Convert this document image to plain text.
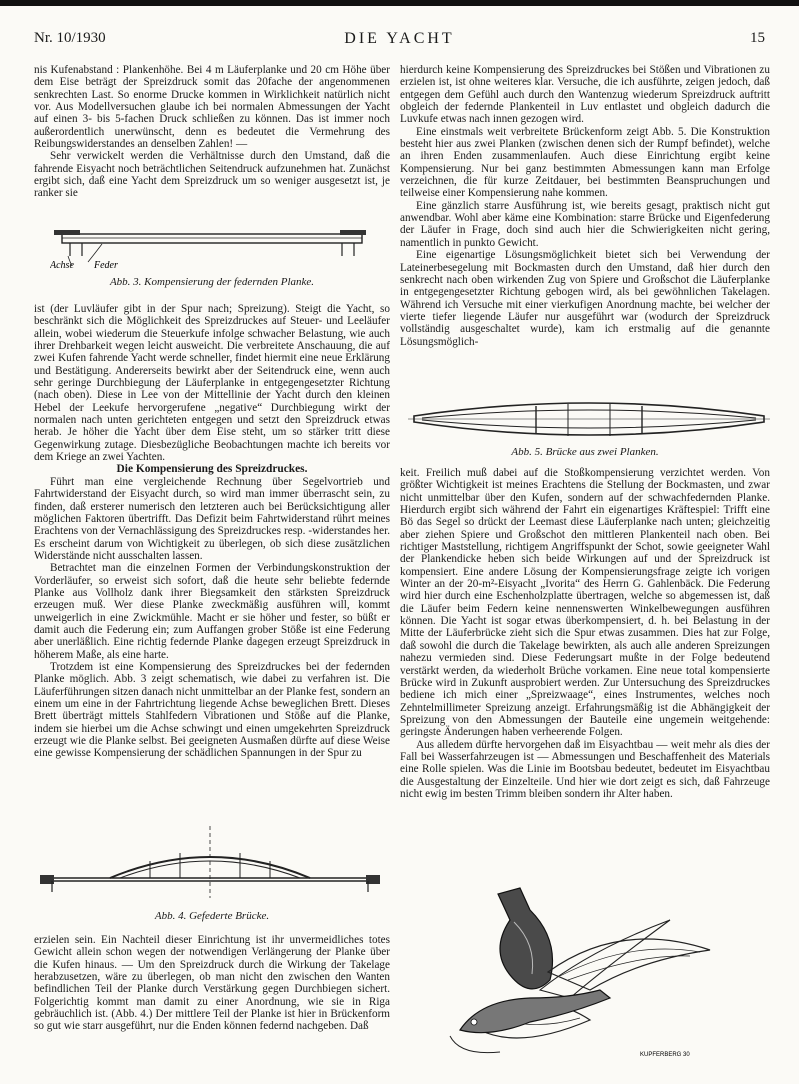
Nr. 10/1930	DIE YACHT	15

nis Kufenabstand : Plankenhöhe. Bei 4 m Läuferplanke und 20 cm Höhe über dem Eise beträgt der Spreizdruck somit das 20fache der angenommenen senkrechten Last. So enorme Drucke kommen in Wirklichkeit natürlich nicht vor. Aus Modellversuchen glaube ich bei normalen Abmessungen der Yacht auf einen 3- bis 5-fachen Druck schließen zu können. Das ist immer noch außerordentlich unerwünscht, denn es bedeutet die Vermehrung des Reibungswiderstandes an denselben Zahlen! —

Sehr verwickelt werden die Verhältnisse durch den Umstand, daß die fahrende Eisyacht noch beträchtlichen Seitendruck aufzunehmen hat. Zunächst ergibt sich, daß eine Yacht dem Spreizdruck um so weniger ausgesetzt ist, je ranker sie

Achse Feder
Abb. 3. Kompensierung der federnden Planke.

ist (der Luvläufer gibt in der Spur nach; Spreizung). Steigt die Yacht, so beschränkt sich die Möglichkeit des Spreizdruckes auf Steuer- und Leeläufer allein, wobei wiederum die Steuerkufe infolge schwacher Belastung, wie auch ihrer Drehbarkeit wegen leicht ausweicht. Die verbreitete Anschauung, die auf zwei Kufen fahrende Yacht werde schneller, findet hiermit eine neue Erklärung und Bestätigung. Andererseits bewirkt aber der Seitendruck eine, wenn auch sehr geringe Durchbiegung der Läuferplanke in entgegengesetzter Richtung (nach oben). Diese in Lee von der Mittellinie der Yacht durch den kleinen Hebel der Leekufe hervorgerufene „negative“ Durchbiegung wirkt der normalen nach unten gerichteten entgegen und setzt den Spreizdruck etwas herab. Je höher die Yacht über dem Eise steht, um so stärker tritt diese Gegenwirkung zutage. Diesbezügliche Beobachtungen machte ich bereits vor dem Kriege an zwei Yachten.

Die Kompensierung des Spreizdruckes.

Führt man eine vergleichende Rechnung über Segelvortrieb und Fahrtwiderstand der Eisyacht durch, so wird man immer überrascht sein, zu finden, daß ersterer numerisch den letzteren auch bei Berücksichtigung aller möglichen Faktoren übertrifft. Das Defizit beim Fahrtwiderstand rührt meines Erachtens von der Vernachlässigung des Spreizdruckes resp. -widerstandes her. Es erscheint darum von Wichtigkeit zu überlegen, ob sich diese zusätzlichen Widerstände nicht ausschalten lassen.

Betrachtet man die einzelnen Formen der Verbindungskonstruktion der Vorderläufer, so erweist sich sofort, daß die heute sehr beliebte federnde Planke aus Vollholz dank ihrer Biegsamkeit den stärksten Spreizdruck erzeugen muß. Wer diese Planke zweckmäßig ausführen will, kommt unweigerlich in eine Zwickmühle. Macht er sie höher und fester, so büßt er damit auch die Federung ein; zum Auffangen grober Stöße ist eine Federung aber unerläßlich. Eine richtig federnde Planke dagegen erzeugt Spreizdruck in höherem Maße, als eine harte.

Trotzdem ist eine Kompensierung des Spreizdruckes bei der federnden Planke möglich. Abb. 3 zeigt schematisch, wie dabei zu verfahren ist. Die Läuferführungen sitzen danach nicht unmittelbar an der Planke fest, sondern an einem um eine in der Fahrtrichtung liegende Achse beweglichen Brett. Dieses Brett überträgt mittels Stahlfedern Vibrationen und Stöße auf die Planke, indem sie hierbei um die Achse schwingt und einen umgekehrten Spreizdruck erzeugt wie die Planke selbst. Bei geeigneten Ausmaßen dürfte auf diese Weise eine gewisse Kompensierung der schädlichen Spannungen in der Spur zu

Abb. 4. Gefederte Brücke.

erzielen sein. Ein Nachteil dieser Einrichtung ist ihr unvermeidliches totes Gewicht allein schon wegen der notwendigen Verlängerung der Planke über die Kufen hinaus. — Um den Spreizdruck durch die Wirkung der Takelage herabzusetzen, wäre zu überlegen, ob man nicht den zwischen den Wanten befindlichen Teil der Planke durch Verstärkung gegen Durchbiegen sichert. Folgerichtig kommt man damit zu einer Anordnung, wie sie in Riga gebräuchlich ist. (Abb. 4.) Der mittlere Teil der Planke ist hier in Brückenform so gut wie starr ausgeführt, nur die Enden können federnd nachgeben. Daß

hierdurch keine Kompensierung des Spreizdruckes bei Stößen und Vibrationen zu erzielen ist, ist ohne weiteres klar. Versuche, die ich ausführte, zeigen jedoch, daß entgegen dem Gefühl auch durch den Wantenzug wiederum Spreizdruck auftritt obgleich der federnde Plankenteil in Luv entlastet und obgleich dadurch die Luvkufe etwas nach innen gezogen wird.

Eine einstmals weit verbreitete Brückenform zeigt Abb. 5. Die Konstruktion besteht hier aus zwei Planken (zwischen denen sich der Rumpf befindet), welche an ihren Enden zusammenlaufen. Auch diese Einrichtung ergibt keine Kompensierung. Nur bei ganz bestimmten Abmessungen kann man Erfolge verzeichnen, die für kurze Zeitdauer, bei bestimmten Beanspruchungen und teilweise einer Kompensierung nahe kommen.

Eine gänzlich starre Ausführung ist, wie bereits gesagt, praktisch nicht gut anwendbar. Wohl aber käme eine Kombination: starre Brücke und Eigenfederung der Läufer in Frage, doch sind auch hier die Schwierigkeiten nicht gering, namentlich in punkto Gewicht.

Eine eigenartige Lösungsmöglichkeit bietet sich bei Verwendung der Lateinerbesegelung mit Bockmasten durch den Umstand, daß hier durch den senkrecht nach oben wirkenden Zug von Spiere und Großschot die Läuferplanke in entgegengesetzter Richtung gebogen wird, als bei gewöhnlichen Takelagen. Während ich Versuche mit einer vierkufigen Anordnung machte, bei welcher der vierte tiefer liegende Läufer nur ausgeführt war (wodurch der Spreizdruck vollständig ausgeschaltet wurde), kam ich erstmalig auf die genannte Lösungsmöglich-

Abb. 5. Brücke aus zwei Planken.

keit. Freilich muß dabei auf die Stoßkompensierung verzichtet werden. Von größter Wichtigkeit ist meines Erachtens die Stellung der Bockmasten, und zwar nicht unmittelbar über den Kufen, sondern auf der schwachfedernden Planke. Hierdurch ergibt sich während der Fahrt ein eigenartiges Kräftespiel: Trifft eine Bö das Segel so drückt der Leemast diese Läuferplanke nach unten; gleichzeitig aber ziehen Spiere und Großschot den mittleren Plankenteil nach oben. Bei richtiger Maststellung, richtigem Angriffspunkt der Schot, sowie geeigneter Wahl der Plankendicke heben sich beide Wirkungen auf und der Spreizdruck ist kompensiert. Eine andere Lösung der Kompensierungsfrage zeigte ich vorigen Winter an der 20-m²-Eisyacht „Ivorita“ des Herrn G. Gahlenbäck. Die Federung wird hier durch eine Eschenholzplatte übertragen, welche so abgemessen ist, daß die Läufer beim Federn keine nennenswerten Winkelbewegungen ausführen können. Die Yacht ist sogar etwas überkompensiert, d. h. bei Belastung in der Mitte der Läuferbrücke zieht sich die Spur etwas zusammen. Dies hat zur Folge, daß sowohl die durch die Takelage bewirkten, als auch alle anderen Spreizungen nahezu vermieden sind. Diese Federungsart mußte in der Folge bedeutend verstärkt werden, da wiederholt Brüche vorkamen. Eine neue total kompensierte Brücke wird in Zukunft ausprobiert werden. Zur Untersuchung des Spreizdruckes bediene ich mich einer „Spreizwaage“, eines Instrumentes, welches noch Zehntelmillimeter Spreizung anzeigt. Erfahrungsmäßig ist die Abhängigkeit der Spreizung von den Abmessungen der Bauteile eine ungemein weitgehende: geringste Änderungen haben verheerende Folgen.

Aus alledem dürfte hervorgehen daß im Eisyachtbau — weit mehr als dies der Fall bei Wasserfahrzeugen ist — Abmessungen und Beschaffenheit des Materials eine Rolle spielen. Was die Linie im Bootsbau bedeutet, bedeutet im Eisyachtbau die Ausgestaltung der Einzelteile. Und hier wie dort zeigt es sich, daß Fahrzeuge nicht ewig im besten Trimm bleiben sondern ihr Alter haben.

KUPFERBERG 30
